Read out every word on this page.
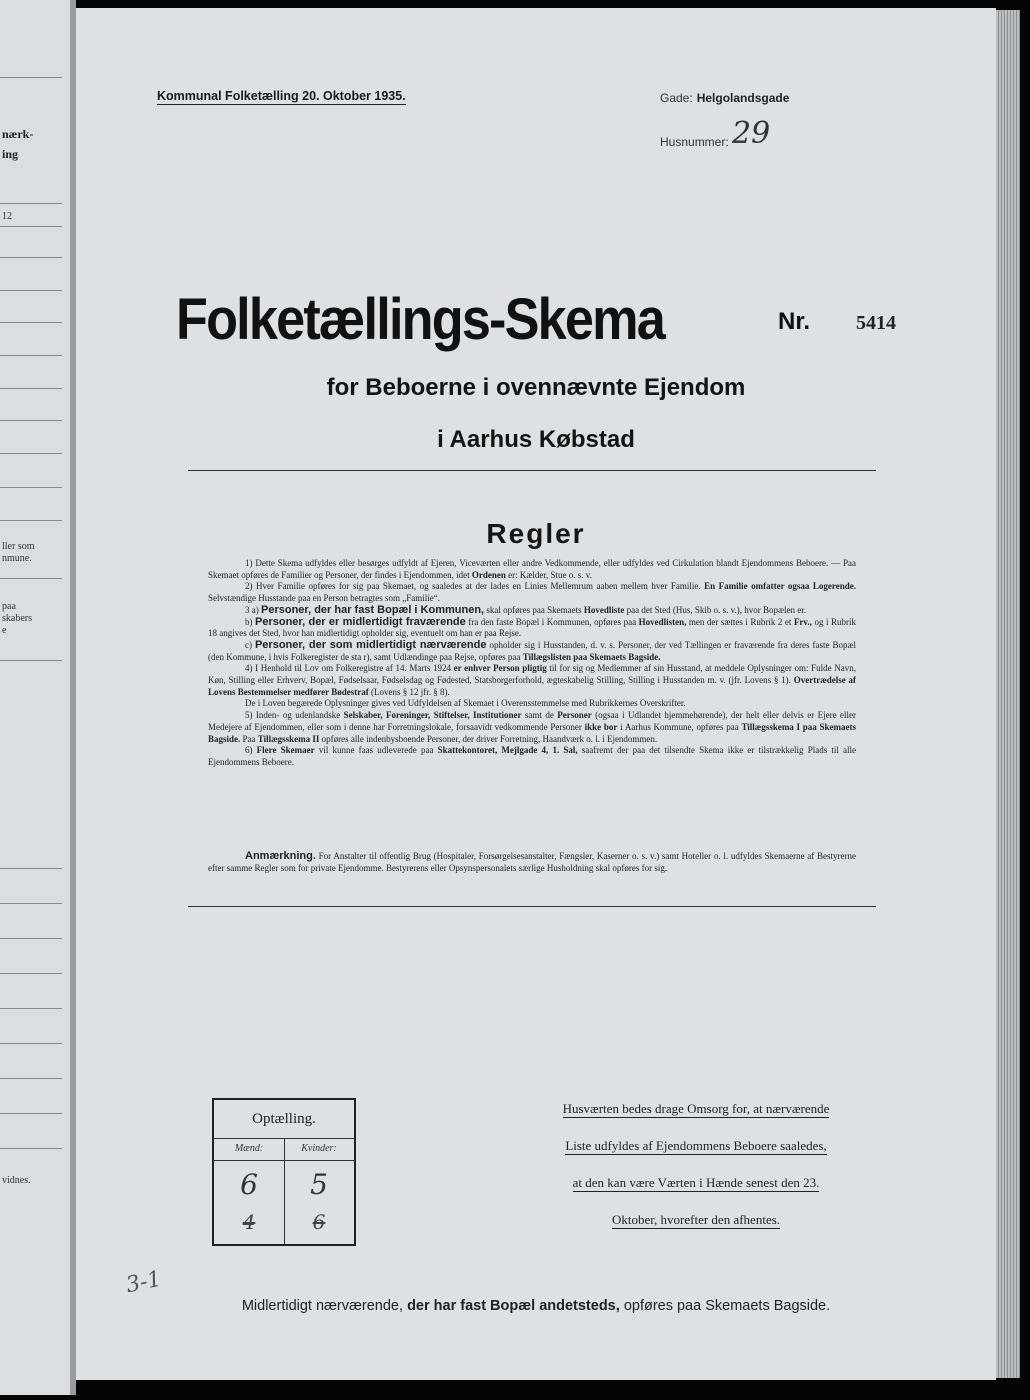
nærk-
ing
12
ller som
nmune.
paa
skabers
e
vidnes.
Kommunal Folketælling 20. Oktober 1935.	Gade: Helgolandsgade
Husnummer: 29
Folketællings-Skema	Nr. 5414
for Beboerne i ovennævnte Ejendom
i Aarhus Købstad
Regler

1) Dette Skema udfyldes eller besørges udfyldt af Ejeren, Viceværten eller andre Vedkommende, eller udfyldes ved Cirkulation blandt Ejendommens Beboere. — Paa Skemaet opføres de Familier og Personer, der findes i Ejendommen, idet Ordenen er: Kælder, Stue o. s. v.

2) Hver Familie opføres for sig paa Skemaet, og saaledes at der lades en Linies Mellemrum aaben mellem hver Familie. En Familie omfatter ogsaa Logerende. Selvstændige Husstande paa en Person betragtes som „Familie“.

3 a) Personer, der har fast Bopæl i Kommunen, skal opføres paa Skemaets Hovedliste paa det Sted (Hus, Skib o. s. v.), hvor Bopælen er.

b) Personer, der er midlertidigt fraværende fra den faste Bopæl i Kommunen, opføres paa Hovedlisten, men der sættes i Rubrik 2 et Frv., og i Rubrik 18 angives det Sted, hvor han midlertidigt opholder sig, eventuelt om han er paa Rejse.

c) Personer, der som midlertidigt nærværende opholder sig i Husstanden, d. v. s. Personer, der ved Tællingen er fraværende fra deres faste Bopæl (den Kommune, i hvis Folkeregister de sta r), samt Udlændinge paa Rejse, opføres paa Tillægslisten paa Skemaets Bagside.

4) I Henhold til Lov om Folkeregistre af 14. Marts 1924 er enhver Person pligtig til for sig og Medlemmer af sin Husstand, at meddele Oplysninger om: Fulde Navn, Køn, Stilling eller Erhverv, Bopæl, Fødselsaar, Fødselsdag og Fødested, Statsborgerforhold, ægteskabelig Stilling, Stilling i Husstanden m. v. (jfr. Lovens § 1). Overtrædelse af Lovens Bestemmelser medfører Bødestraf (Lovens § 12 jfr. § 8).

De i Loven begærede Oplysninger gives ved Udfyldelsen af Skemaet i Overensstemmelse med Rubrikkernes Overskrifter.

5) Inden- og udenlandske Selskaber, Foreninger, Stiftelser, Institutioner samt de Personer (ogsaa i Udlandet hjemmehørende), der helt eller delvis er Ejere eller Medejere af Ejendommen, eller som i denne har Forretningslokale, forsaavidt vedkommende Personer ikke bor i Aarhus Kommune, opføres paa Tillægsskema I paa Skemaets Bagside. Paa Tillægsskema II opføres alle indenbysboende Personer, der driver Forretning, Haandværk o. l. i Ejendommen.

6) Flere Skemaer vil kunne faas udleverede paa Skattekontoret, Mejlgade 4, 1. Sal, saafremt der paa det tilsendte Skema ikke er tilstrækkelig Plads til alle Ejendommens Beboere.

Anmærkning. For Anstalter til offentlig Brug (Hospitaler, Forsørgelsesanstalter, Fængsler, Kaserner o. s. v.) samt Hoteller o. l. udfyldes Skemaerne af Bestyrerne efter samme Regler som for private Ejendomme. Bestyrerens eller Opsynspersonalets særlige Husholdning skal opføres for sig.

Optælling.
Mænd:	Kvinder:
6	5
4	6
Husværten bedes drage Omsorg for, at nærværende
Liste udfyldes af Ejendommens Beboere saaledes,
at den kan være Værten i Hænde senest den 23.
Oktober, hvorefter den afhentes.
3-1
Midlertidigt nærværende, der har fast Bopæl andetsteds, opføres paa Skemaets Bagside.
